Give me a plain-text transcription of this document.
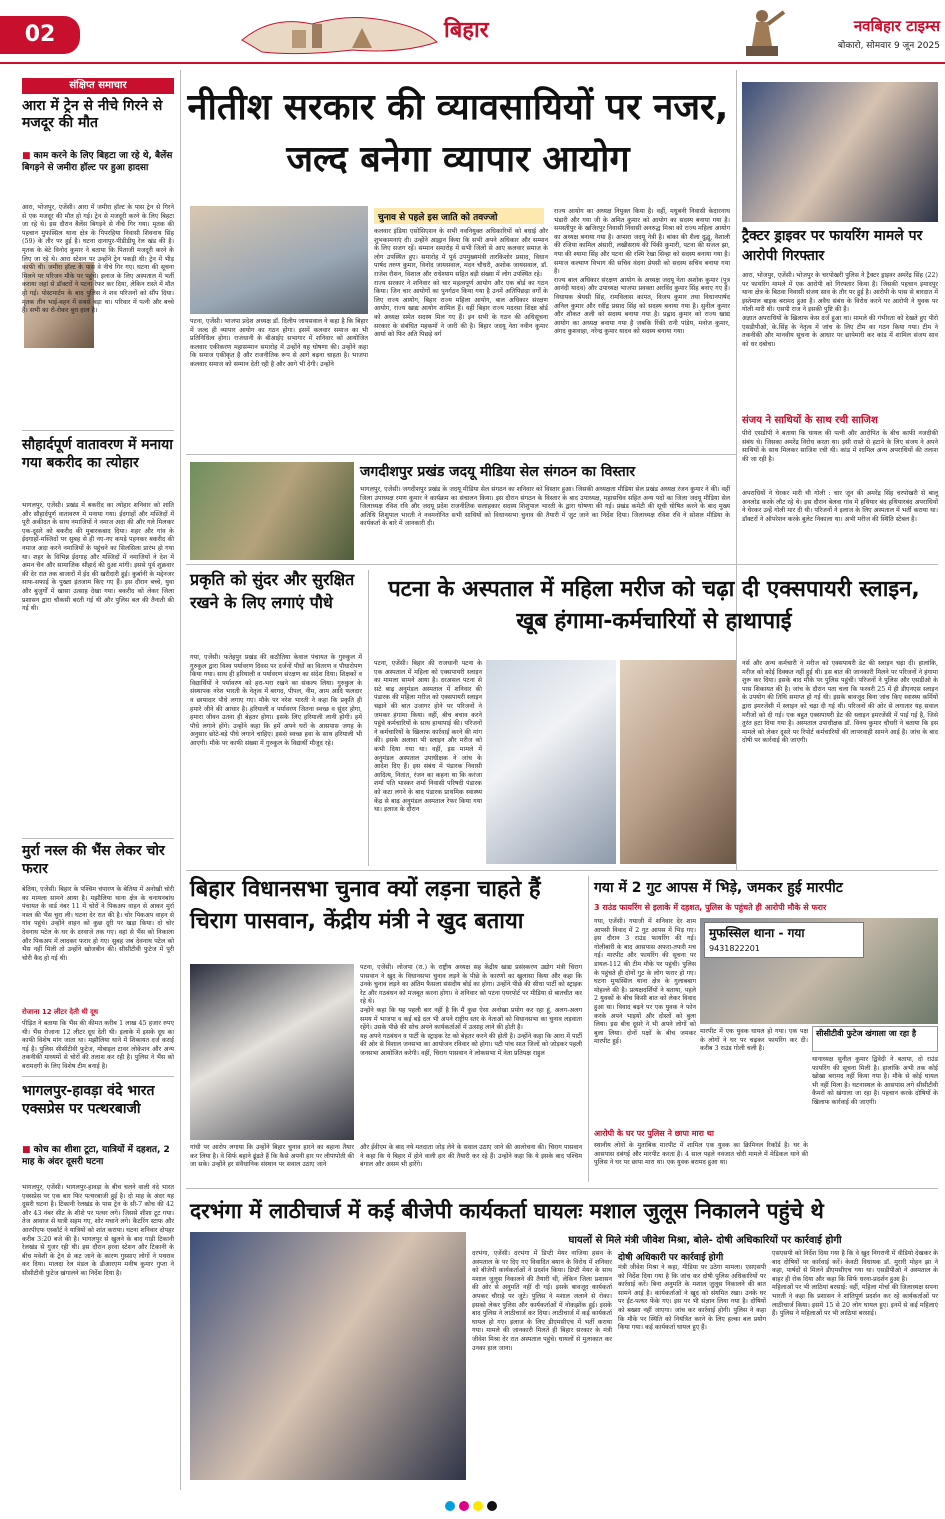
02	बिहार	नवबिहार टाइम्स
बोकारो, सोमवार 9 जून 2025
संक्षिप्त समाचार
आरा में ट्रेन से नीचे गिरने से मजदूर की मौत
■ काम करने के लिए बिहटा जा रहे थे, बैलेंस बिगड़ने से जमीरा हॉल्ट पर हुआ हादसा
आरा, भोजपुर, एजेंसी। आरा में जमीरा हॉल्ट के पास ट्रेन से गिरने से एक मजदूर की मौत हो गई। ट्रेन से मजदूरी करने के लिए बिहटा जा रहे थे। इस दौरान बैलेंस बिगड़ने से नीचे गिर गया। मृतक की पहचान मुफस्सिल थाना क्षेत्र के पिपरहिया निवासी शिवनाथ सिंह (59) के तौर पर हुई है। घटना दानापुर-पीडीडीयू रेल खंड की है। मृतक के बेटे विनोद कुमार ने बताया कि पिताजी मजदूरी करने के लिए जा रहे थे। आरा स्टेशन पर उन्होंने ट्रेन पकड़ी थी। ट्रेन में भीड़ काफी थी। जमीरा हॉल्ट के पास वे नीचे गिर गए। घटना की सूचना मिलने पर परिजन मौके पर पहुंचे। इलाज के लिए अस्पताल में भर्ती कराया जहां से डॉक्टरों ने पटना रेफर कर दिया, लेकिन रास्ते में मौत हो गई। पोस्टमार्टम के बाद पुलिस ने शव परिजनों को सौंप दिया। मृतक तीन भाई-बहन में सबसे बड़ा था। परिवार में पत्नी और बच्चे हैं। सभी का रो-रोकर बुरा हाल है।
सौहार्दपूर्ण वातावरण में मनाया गया बकरीद का त्योहार
भागलपुर, एजेंसी। प्रखंड में बकरीद का त्योहार शनिवार को शांति और सौहार्दपूर्ण वातावरण में मनाया गया। ईदगाहों और मस्जिदों में पूरी अकीदत के साथ नमाजियों ने नमाज अदा की और गले मिलकर एक-दूसरे को बकरीद की मुबारकबाद दिया। शहर और गांव के ईदगाहों-मस्जिदों पर सुबह से ही नए-नए कपड़े पहनकर बकरीद की नमाज अदा करने नमाजियों के पहुंचने का सिलसिला प्रारंभ हो गया था। शहर के विभिन्न ईदगाह और मस्जिदों में नमाजियों ने देश में अमन चैन और सामाजिक सौहार्द की दुआ मांगी। इससे पूर्व शुक्रवार की देर रात तक बाजारों में ईद की खरीदारी हुई। कुर्बानी के मद्देनजर साफ-सफाई के पुख्ता इंतजाम किए गए हैं। इस दौरान बच्चे, युवा और बुजुर्गों में खासा उत्साह देखा गया। बकरीद को लेकर जिला प्रशासन द्वारा चौकसी बरती गई थी और पुलिस बल की तैनाती की गई थी।
मुर्रा नस्ल की भैंस लेकर चोर फरार
बेतिया, एजेंसी। बिहार के पश्चिम चंपारण के बेतिया में अनोखी चोरी का मामला सामने आया है। मझौलिया थाना क्षेत्र के चनायनबांध पंचायत के वार्ड नंबर 11 में चोरों ने पिकअप वाहन से आकर मुर्रा नस्ल की भैंस चुरा ली। घटना देर रात की है। चोर पिकअप वाहन से गांव पहुंचे। उन्होंने वाहन को कुछ दूरी पर खड़ा किया। दो चोर देवनाथ पटेल के घर के दरवाजे तक गए। वहां से भैंस को निकाला और पिकअप में लादकर फरार हो गए। सुबह जब देवनाथ पटेल को भैंस नहीं मिली तो उन्होंने खोजबीन की। सीसीटीवी फुटेज में पूरी चोरी कैद हो गई थी।
रोजाना 12 लीटर देती थी दूध
पीड़ित ने बताया कि भैंस की कीमत करीब 1 लाख 45 हजार रुपए थी। भैंस रोजाना 12 लीटर दूध देती थी। इलाके में इसके दूध का काफी विशेष मांग जाता था। मझौलिया थाने में शिकायत दर्ज कराई गई है। पुलिस सीसीटीवी फुटेज, मोबाइल टावर लोकेशन और अन्य तकनीकी माध्यमों से चोरों की तलाश कर रही है। पुलिस ने भैंस को बरामदगी के लिए विशेष टीम बनाई है।
भागलपुर-हावड़ा वंदे भारत एक्सप्रेस पर पत्थरबाजी
■ कोच का शीशा टूटा, यात्रियों में दहशत, 2 माह के अंदर दूसरी घटना
भागलपुर, एजेंसी। भागलपुर-हावड़ा के बीच चलने वाली वंदे भारत एक्सप्रेस पर एक बार फिर पत्थरबाजी हुई है। दो माह के अंदर यह दूसरी घटना है। टिकानी रेलखंड के पास ट्रेन के सी-7 कोच की 42 और 43 नंबर सीट के शीशे पर पत्थर लगे। जिससे शीशा टूट गया। तेज आवाज से यात्री सहम गए, शोर मचाने लगे। कैटरिंग स्टाफ और आरपीएफ एस्कॉर्ट ने यात्रियों को शांत कराया। घटना शनिवार दोपहर करीब 3:20 बजे की है। भागलपुर से खुलने के बाद गाड़ी टिकानी रेलखंड से गुजर रही थी। इस दौरान हरवा स्टेशन और टिकानी के बीच मवेशी के ट्रेन से कट जाने के कारण गुस्साए लोगों ने पथराव कर दिया। मालदा रेल मंडल के डीआरएम मनीष कुमार गुप्ता ने सीसीटीवी फुटेज खंगालने का निर्देश दिया है।
नीतीश सरकार की व्यावसायियों पर नजर, जल्द बनेगा व्यापार आयोग
चुनाव से पहले इस जाति को तवज्जो
पटना, एजेंसी। भाजपा प्रदेश अध्यक्ष डॉ. दिलीप जायसवाल ने कहा है कि बिहार में जल्द ही व्यापार आयोग का गठन होगा। इसमें कलवार समाज का भी प्रतिनिधित्व होगा। राजधानी के बीआईए सभागार में शनिवार को आयोजित कलवार एकीकरण महासम्मान समारोह में उन्होंने यह घोषणा की। उन्होंने कहा कि समाज एकीकृत है और राजनीतिक रूप से आगे बढ़ना चाहता है। भाजपा कलवार समाज को सम्मान देती रही है और आगे भी देगी। उन्होंने
कलवार इंडिया एसोसिएशन के सभी नवनियुक्त अधिकारियों को बधाई और शुभकामनाएं दी। उन्होंने आह्वान किया कि सभी अपने अधिकार और सम्मान के लिए सजग रहें। सम्मान समारोह में सभी जिलों से आए कलवार समाज के लोग उपस्थित हुए। समारोह में पूर्व उपमुख्यमंत्री तारकिशोर प्रसाद, विधान पार्षद तरुण कुमार, विनोद जायसवाल, मदन चौधरी, अशोक जायसवाल, डॉ. राजेश रौशन, विशाल और राधेश्याम सहित बड़ी संख्या में लोग उपस्थित रहे।
राज्य सरकार ने शनिवार को चार महत्वपूर्ण आयोग और एक बोर्ड का गठन किया। जिन चार आयोगों का पुनर्गठन किया गया है उनमें अतिपिछड़ा वर्गों के लिए राज्य आयोग, बिहार राज्य महिला आयोग, बाल अधिकार संरक्षण आयोग, राज्य खाद्य आयोग शामिल हैं। वहीं बिहार राज्य मदरसा शिक्षा बोर्ड को अध्यक्ष समेत सदस्य मिल गए हैं। इन सभी के गठन की अधिसूचना सरकार के संबंधित महकमों ने जारी की है। बिहार जदयू नेता नवीन कुमार आर्या को फिर अति पिछड़े वर्ग
राज्य आयोग का अध्यक्ष नियुक्त किया है। वहीं, मधुबनी निवासी केदारनाथ भंडारी और गया जी के अमित कुमार को आयोग का सदस्य बनाया गया है। समस्तीपुर के खजिरपुर निवासी निवासी अनरुद्ध मिश्रा को राज्य महिला आयोग का अध्यक्ष बनाया गया है। अप्सरा जदयू नेत्री है। बांका की शैला दुद्धू, वैशाली की रजिया कामिल अंसारी, लखीसराय की पिंकी कुमारी, पटना की सजल झा, गया की श्यामा सिंह और पटना की रश्मि रेखा सिन्हा को सदस्य बनाया गया है। समाज कल्याण विभाग की सचिव वंदना प्रेयसी को सदस्य सचिव बनाया गया है।
राज्य बाल अधिकार संरक्षण आयोग के अध्यक्ष जदयू नेता अशोक कुमार (पुत्र आनंदी यादव) और उपाध्यक्ष भाजपा प्रवक्ता अरविंद कुमार सिंह बनाए गए हैं। विधायक श्रेयसी सिंह, रामविलास कामत, विजय कुमार तथा विधानपार्षद अनिल कुमार और रवींद्र प्रसाद सिंह को सदस्य बनाया गया है। सुनील कुमार और शौकत अली को सदस्य बनाया गया है। प्रह्लाद कुमार को राज्य खाद्य आयोग का अध्यक्ष बनाया गया है जबकि रिंकी रानी पांडेय, मनोज कुमार, अंगद कुशवाहा, नरेन्द्र कुमार यादव को सदस्य बनाया गया।
ट्रैक्टर ड्राइवर पर फायरिंग मामले पर आरोपी गिरफ्तार
आरा, भोजपुर, एजेंसी। भोजपुर के चरपोखरी पुलिस ने ट्रैक्टर ड्राइवर अमरेंद्र सिंह (22) पर फायरिंग मामले में एक आरोपी को गिरफ्तार किया है। जिसकी पहचान इमादपुर थाना क्षेत्र के बिठवा निवासी संजय साव के तौर पर हुई है। आरोपी के पास से बारदात में इस्तेमाल बाइक बरामद हुआ है। अवैध संबंध के विरोध करने पर आरोपी ने युवक पर गोली मारी थी। एसपी राज ने इसकी पुष्टि की है।
अज्ञात अपराधियों के खिलाफ केस दर्ज हुआ था। मामले की गंभीरता को देखते हुए पीरो एसडीपीओ, के.सिंह के नेतृत्व में जांच के लिए टीम का गठन किया गया। टीम ने तकनीकी और मानवीय सूचना के आधार पर छापेमारी कर कांड में शामिल संजय साव को धर दबोचा।
संजय ने साथियों के साथ रची साजिश
पीरो एसडीपी ने बताया कि घायल की पत्नी और आरोपित के बीच काफी नजदीकी संबंध थे। जिसका अमरेंद्र विरोध करता था। इसी रास्ते से हटाने के लिए संजय ने अपने साथियों के साथ मिलकर साजिश रची थी। कांड में शामिल अन्य अपराधियों की तलाश की जा रही है।
अपराधियों ने घेरकर मारी थी गोली : चार जून की अमरेंद्र सिंह चरपोखरी से बालू अनलोड करके लौट रहे थे। इस दौरान बेलवा गांव में हथियार बंद हथियारबंद अपराधियों ने घेरकर उन्हें गोली मार दी थी। परिजनों ने इलाज के लिए अस्पताल में भर्ती कराया था। डॉक्टरों ने ऑपरेशन करके बुलेट निकाला था। अभी मरीज की स्थिति स्टेबल है।
जगदीशपुर प्रखंड जदयू मीडिया सेल संगठन का विस्तार
भागलपुर, एजेंसी। जगदीशपुर प्रखंड के जदयू मीडिया सेल संगठन का शनिवार को विस्तार हुआ। जिसकी अध्यक्षता मीडिया सेल प्रखंड अध्यक्ष रंजन कुमार ने की। वहीं जिला उपाध्यक्ष रमण कुमार ने कार्यक्रम का संचालन किया। इस दौरान संगठन के विस्तार के बाद उपाध्यक्ष, महासचिव सहित अन्य पदों का जिला जदयू मीडिया सेल जिलाध्यक्ष रविश रवि और जदयू प्रदेश राजनीतिक सलाहकार सदस्य शिशुपाल भारती के द्वारा घोषणा की गई। प्रखंड कमेटी की सूची घोषित करने के बाद मुख्य अतिथि शिशुपाल भारती ने नवमनोनित सभी साथियों को विधानसभा चुनाव की तैयारी में जुट जाने का निर्देश दिया। जिलाध्यक्ष रविश रवि ने सोशल मीडिया के कार्यकर्ता के बारे में जानकारी दी।
प्रकृति को सुंदर और सुरक्षित रखने के लिए लगाएं पौधे
गया, एजेंसी। फतेहपुर प्रखंड की कठौतिया केवाल पंचायत के गुरुकुल में गुरुकुल द्वारा विश्व पर्यावरण दिवस पर दर्जनों पौधों का वितरण व पौधारोपण किया गया। साथ ही हरियाली व पर्यावरण संरक्षण का संदेश दिया। शिक्षकों व विद्यार्थियों ने पर्यावरण को हरा-भरा रखने का संकल्प लिया। गुरुकुल के संस्थापक नरेश भारती के नेतृत्व में बरगद, पीपल, नीम, आम आदि फलदार व छायादार पौधे लगाए गए। मौके पर नरेश भारती ने कहा कि प्रकृति ही हमारे जीने की आधार है। हरियाली व पर्यावरण जितना स्वच्छ व सुंदर होगा, हमारा जीवन उतना ही बेहतर होगा। इसके लिए हरियाली लानी होगी। हमें पौधे लगाने होंगे। उन्होंने कहा कि हमें अपने घरों के आसपास जगह के अनुसार छोटे-बड़े पौधे लगाने चाहिए। इससे स्वच्छ हवा के साथ हरियाली भी आएगी। मौके पर काफी संख्या में गुरुकुल के विद्यार्थी मौजूद रहे।
पटना के अस्पताल में महिला मरीज को चढ़ा दी एक्सपायरी स्लाइन, खूब हंगामा-कर्मचारियों से हाथापाई
पटना, एजेंसी। बिहार की राजधानी पटना के एक अस्पताल में महिला को एक्सपायरी स्लाइन का मामला सामने आया है। दरअसल पटना से सटे बाढ़ अनुमंडल अस्पताल में शनिवार की पंडारक की महिला मरीज को एक्सपायरी स्लाइन चढ़ाने की बात उजागर होने पर परिजनों ने जमकर हंगामा किया। वहीं, बीच बचाव करने पहुंचे कर्मचारियों के साथ हाथापाई की। परिजनों ने कर्मचारियों के खिलाफ कार्रवाई करने की मांग की। इसके अलावा भी स्लाइन और मरीज को कभी दिया गया था। वहीं, इस मामले में अनुमंडल अस्पताल उपाधीक्षक ने जांच के आदेश दिए हैं। इस संबंध में पंडारक निवासी आदित्य, नितांत, रंजन का कहना था कि करंजा शर्मा पति भास्कर शर्मा निवासी परिषदी पंडारक को कटा लगने के बाद पंडारक प्राथमिक स्वास्थ्य केंद्र से बाढ़ अनुमंडल अस्पताल रेफर किया गया था। इलाज के दौरान
नर्स और अन्य कर्मचारी ने मरीज को एक्सपायरी डेट की स्लाइन चढ़ा दी। हालांकि, मरीज को कोई दिक्कत नहीं हुई थी। इस बात की जानकारी मिलने पर परिजनों ने हंगामा शुरू कर दिया। इसके बाद मौके पर पुलिस पहुंची। परिजनों ने पुलिस और एसडीओ के पास शिकायत की है। जांच के दौरान पता चला कि फरवरी 25 में ही डीएनएस स्लाइन के उपयोग की तिथि समाप्त हो गई थी। इसके बावजूद बिना जांच किए स्वास्थ्य कर्मियों द्वारा इमरजेंसी में स्लाइन को चढ़ा दी गई थी। परिजनों की ओर से लगातार यह सवाल मरीजों को दी गई। एक बहुत एक्सपायरी डेट की स्लाइन इमरजेंसी में पाई गई है, जिसे तुरंत हटा दिया गया है। अस्पताल उपाधीक्षक डॉ. विनय कुमार चौधरी ने बताया कि इस मामले को लेकर दूसरे पर रिपोर्ट कर्मचारियों की लापरवाही सामने आई है। जांच के बाद दोषी पर कार्रवाई की जाएगी।
बिहार विधानसभा चुनाव क्यों लड़ना चाहते हैं चिराग पासवान, केंद्रीय मंत्री ने खुद बताया
पटना, एजेंसी। लोजपा (रा.) के राष्ट्रीय अध्यक्ष सह केंद्रीय खाद्य प्रसंस्करण उद्योग मंत्री चिराग पासवान ने खुद के विधानसभा चुनाव लड़ने के पीछे के कारणों का खुलासा किया और कहा कि उनके चुनाव लड़ने का अंतिम फैसला संसदीय बोर्ड का होगा। उन्होंने पीछे की सीधा पार्टी को स्ट्राइक रेट और गठबंधन को मजबूत करना होगा। वे शनिवार को पटना एयरपोर्ट पर मीडिया से बातचीत कर रहे थे।
उन्होंने कहा कि यह पहली बार नहीं है कि मैं कुछ ऐसा अनोखा प्रयोग कर रहा हूं, अलग-अलग समय में भाजपा व कई बड़े दल भी अपने राष्ट्रीय स्तर के नेताओं को विधानसभा का चुनाव लड़वाता रहेंगे। उसके पीछे की सोच अपने कार्यकर्ताओं में उत्साह लाने की होती है।
यह अपने गठबंधन व पार्टी के स्ट्राइक रेट को बेहतर करने की होती है। उन्होंने कहा कि आरा में पार्टी की ओर से विशाल जनसभा का आयोजन रविवार को होगा। पटी पांच सात जिलों को जोड़कर पहली जनसभा आयोजित करेगी। वहीं, चिराग पासवान ने लोकसभा में नेता प्रतिपक्ष राहुल
गांधी पर आरोप लगाया कि उन्होंने बिहार चुनाव हारने का बहाना तैयार कर लिया है। वे सिर्फ बहाने ढूंढते हैं कि कैसे अपनी हार पर लीपापोती की जा सके। उन्होंने हर संवैधानिक संस्थान पर सवाल उठाए जाने
और ईवीएम के बाद नये मतदाता जोड़ लेने के सवाल उठाए जाने की आलोचना की। चिराग पासवान ने कहा कि ये बिहार में होने वाली हार की तैयारी कर रहे हैं। उन्होंने कहा कि ये इसके बाद पश्चिम बंगाल और असम भी हारेंगे।
गया में 2 गुट आपस में भिड़े, जमकर हुई मारपीट
3 राउंड फायरिंग से इलाके में दहशत, पुलिस के पहुंचते ही आरोपी मौके से फरार
गया, एजेंसी। गयाजी में शनिवार देर शाम आपसी विवाद में 2 गुट आपस में भिड़ गए। इस दौरान 3 राउंड फायरिंग की गई। गोलीबारी के बाद आसपास अफरा-तफरी मच गई। मारपीट और फायरिंग की सूचना पर डायल-112 की टीम मौके पर पहुंची। पुलिस के पहुंचते ही दोनों गुट के लोग फरार हो गए। घटना मुफस्सिल थाना क्षेत्र के गुलाबबाग मोहल्ले की है। प्रत्यक्षदर्शियों ने बताया, पहले 2 युवकों के बीच किसी बात को लेकर विवाद हुआ था। विवाद बढ़ने पर एक युवक ने फोन करके अपने भाइयों और दोस्तों को बुला लिया। इस बीच दूसरे ने भी अपने लोगों को बुला लिया। दोनों पक्षों के बीच जमकर मारपीट हुई।
मुफस्सिल थाना - गया
9431822201
मारपीट में एक युवक घायल हो गया। एक पक्ष के लोगों ने घर पर चढ़कर फायरिंग कर दी। करीब 3 राउंड गोली चली है।
सीसीटीवी फुटेज खंगाला जा रहा है
थानाध्यक्ष सुनील कुमार द्विवेदी ने बताया, दो राउंड फायरिंग की सूचना मिली है। हालांकि अभी तक कोई खोखा बरामद नहीं किया गया है। मौके से कोई घायल भी नहीं मिला है। घटनास्थल के आसपास लगे सीसीटीवी कैमरों को खंगाला जा रहा है। पहचान करके दोषियों के खिलाफ कार्रवाई की जाएगी।
आरोपी के घर पर पुलिस ने छापा मारा था
स्थानीय लोगों के मुताबिक मारपीट में शामिल एक युवक का क्रिमिनल रिकॉर्ड है। घर के आसपास दबंगई और मारपीट करता है। 4 साल पहले नवजात चोरी मामले में मेडिकल थाने की पुलिस ने घर पर छापा मारा था। एक युवक बरामद हुआ था।
दरभंगा में लाठीचार्ज में कई बीजेपी कार्यकर्ता घायलः मशाल जुलूस निकालने पहुंचे थे
घायलों से मिले मंत्री जीवेश मिश्रा, बोले- दोषी अधिकारियों पर कार्रवाई होगी
दरभंगा, एजेंसी। दरभंगा में डिप्टी मेयर नाजिया हसन के अस्पताल के पर दिए गए विवादित बयान के विरोध में शनिवार को बीजेपी कार्यकर्ताओं ने प्रदर्शन किया। डिप्टी मेयर के साथ मशाल जुलूस निकालने की तैयारी थी, लेकिन जिला प्रशासन की ओर से अनुमति नहीं दी गई। इसके बावजूद कार्यकर्ता अपकर चौराहे पर जुटे। पुलिस ने मशाल जलाने से रोका। इसको लेकर पुलिस और कार्यकर्ताओं में नोकझोंक हुई। इसके बाद पुलिस ने लाठीचार्ज कर दिया। लाठीचार्ज में कई कार्यकर्ता घायल हो गए। इलाज के लिए डीएमसीएच में भर्ती कराया गया। मामले की जानकारी मिलते ही बिहार सरकार के मंत्री जीवेश मिश्रा देर रात अस्पताल पहुंचे। घायलों से मुलाकात कर उनका हाल जाना।
दोषी अधिकारी पर कार्रवाई होगी
मंत्री जीवेश मिश्रा ने कहा, मीडिया पर उठेगा मामला। एसएसपी को निर्देश दिया गया है कि जांच कर दोषी पुलिस अधिकारियों पर कार्रवाई करें। बिना अनुमति के मशाल जुलूस निकालने की बात सामने आई है। कार्यकर्ताओं ने खुद को संयमित रखा। उनके घर पर ईंट-पत्थर फेंके गए। इस पर भी संज्ञान लिया गया है। दोषियों को बख्शा नहीं जाएगा। जांच कर कार्रवाई होगी। पुलिस ने कहा कि मौके पर स्थिति को नियंत्रित करने के लिए हल्का बल प्रयोग किया गया। कई कार्यकर्ता घायल हुए हैं।
एसएसपी को निर्देश दिया गया है कि वे खुद निगरानी में वीडियो देखकर के बाद दोषियों पर कार्रवाई करें। केवटी विधायक डॉ. मुरारी मोहन झा ने कहा, पार्षदों से मिलने डीएमसीएच गया था। एसडीपीओ ने अस्पताल के बाहर ही रोक दिया और कहा कि सिर्फ धरना-प्रदर्शन हुआ है।
महिलाओं पर भी लाठियां बरसाई: वहीं, महिला मोर्चा की जिलाध्यक्ष सपना भारती ने कहा कि प्रशासन ने शांतिपूर्ण प्रदर्शन कर रहे कार्यकर्ताओं पर लाठीचार्ज किया। इसमें 15 से 20 लोग घायल हुए। इनमें से कई महिलाएं हैं। पुलिस ने महिलाओं पर भी लाठियां बरसाई।
